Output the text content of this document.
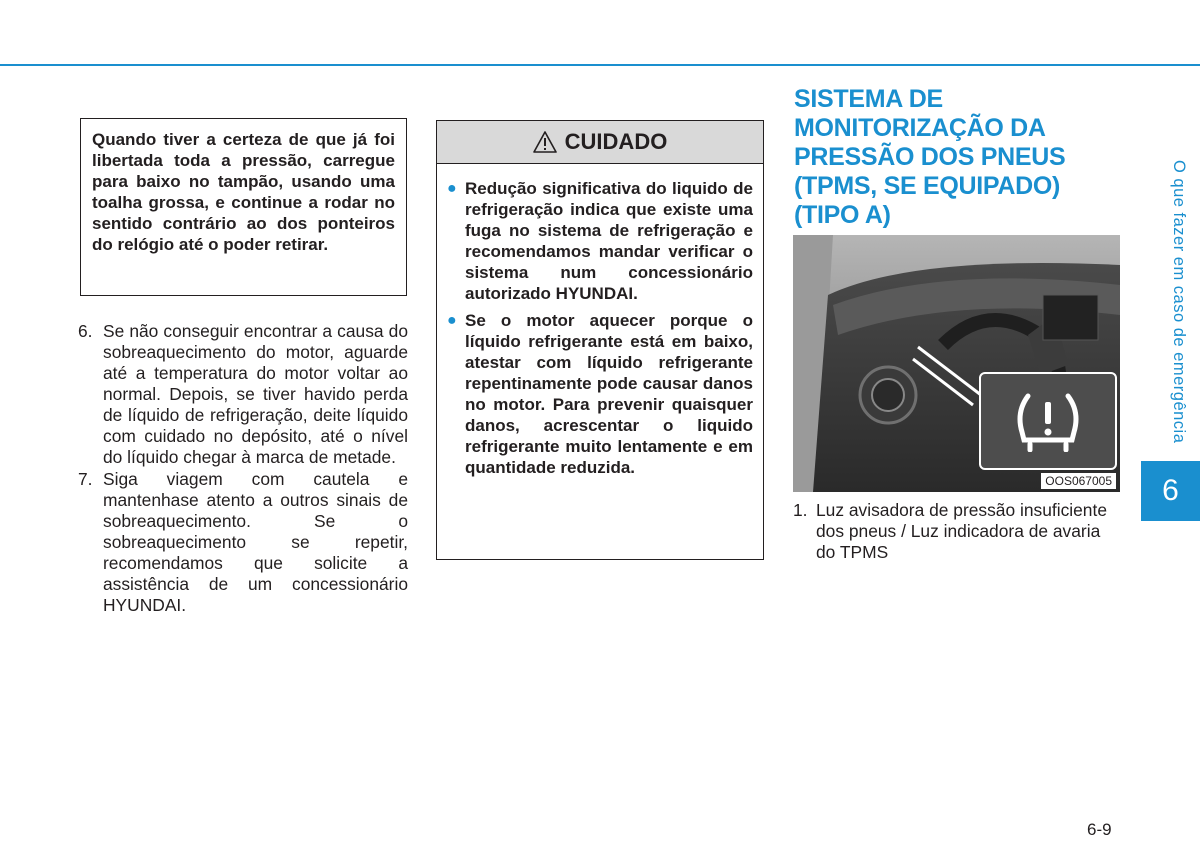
Quando tiver a certeza de que já foi libertada toda a pressão, carregue para baixo no tampão, usando uma toalha grossa, e continue a rodar no sentido contrário ao dos ponteiros do relógio até o poder retirar.
6. Se não conseguir encontrar a causa do sobreaquecimento do motor, aguarde até a temperatura do motor voltar ao normal. Depois, se tiver havido perda de líquido de refrigeração, deite líquido com cuidado no depósito, até o nível do líquido chegar à marca de metade.
7. Siga viagem com cautela e mantenhase atento a outros sinais de sobreaquecimento. Se o sobreaquecimento se repetir, recomendamos que solicite a assistência de um concessionário HYUNDAI.
CUIDADO
● Redução significativa do liquido de refrigeração indica que existe uma fuga no sistema de refrigeração e recomendamos mandar verificar o sistema num concessionário autorizado HYUNDAI.
● Se o motor aquecer porque o líquido refrigerante está em baixo, atestar com líquido refrigerante repentinamente pode causar danos no motor. Para prevenir quaisquer danos, acrescentar o liquido refrigerante muito lentamente e em quantidade reduzida.
SISTEMA DE
MONITORIZAÇÃO DA
PRESSÃO DOS PNEUS
(TPMS, SE EQUIPADO)
(TIPO A)
OOS067005
1. Luz avisadora de pressão insuficiente dos pneus / Luz indicadora de avaria do TPMS
O que fazer em caso de emergência
6
6-9
